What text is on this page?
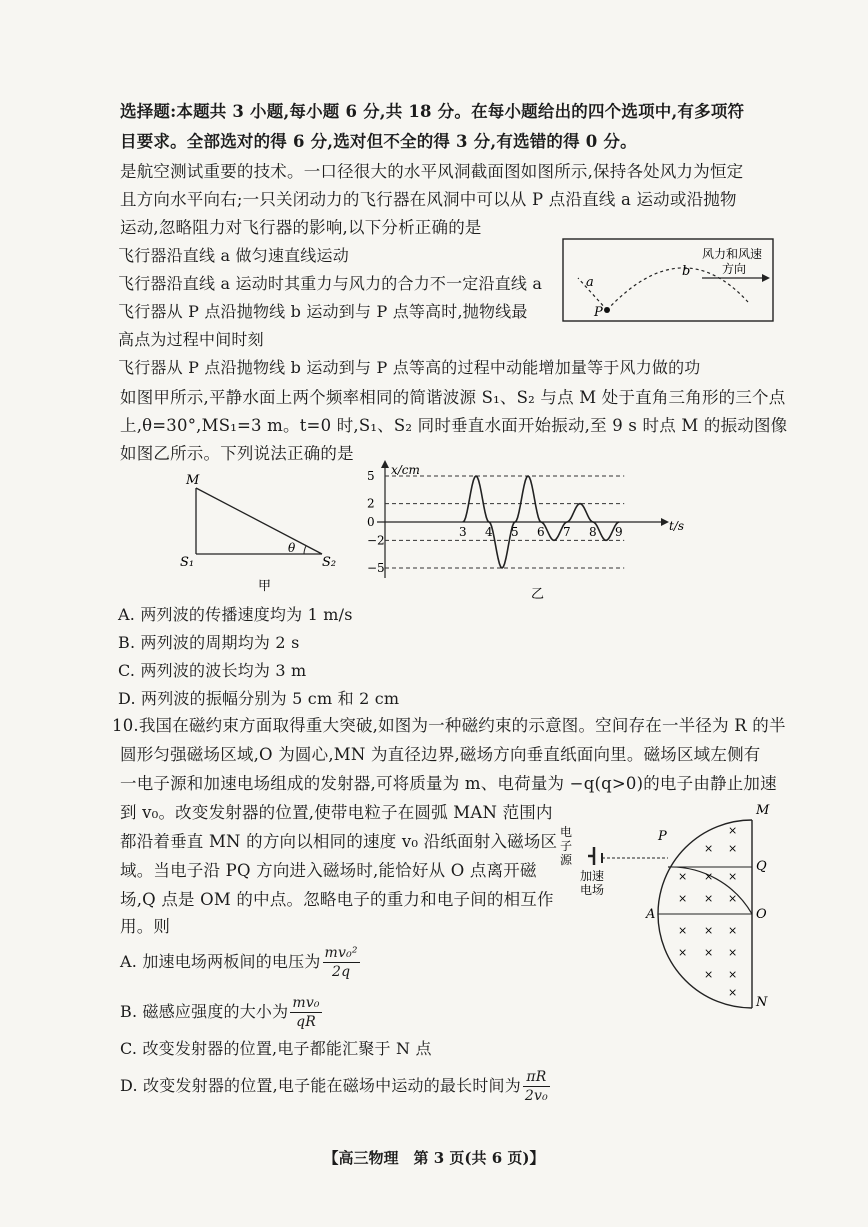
选择题:本题共 3 小题,每小题 6 分,共 18 分。在每小题给出的四个选项中,有多项符
目要求。全部选对的得 6 分,选对但不全的得 3 分,有选错的得 0 分。
是航空测试重要的技术。一口径很大的水平风洞截面图如图所示,保持各处风力为恒定
且方向水平向右;一只关闭动力的飞行器在风洞中可以从 P 点沿直线 a 运动或沿抛物
运动,忽略阻力对飞行器的影响,以下分析正确的是
飞行器沿直线 a 做匀速直线运动
飞行器沿直线 a 运动时其重力与风力的合力不一定沿直线 a
飞行器从 P 点沿抛物线 b 运动到与 P 点等高时,抛物线最
高点为过程中间时刻
飞行器从 P 点沿抛物线 b 运动到与 P 点等高的过程中动能增加量等于风力做的功
风力和风速
方向
a
b
P
如图甲所示,平静水面上两个频率相同的简谐波源 S₁、S₂ 与点 M 处于直角三角形的三个点
上,θ=30°,MS₁=3 m。t=0 时,S₁、S₂ 同时垂直水面开始振动,至 9 s 时点 M 的振动图像
如图乙所示。下列说法正确的是
M
S₁	S₂
θ
甲
x/cm
t/s
5
2
0
−2
−5
3 4 5 6 7 8 9
乙
A. 两列波的传播速度均为 1 m/s
B. 两列波的周期均为 2 s
C. 两列波的波长均为 3 m
D. 两列波的振幅分别为 5 cm 和 2 cm
10.我国在磁约束方面取得重大突破,如图为一种磁约束的示意图。空间存在一半径为 R 的半
圆形匀强磁场区域,O 为圆心,MN 为直径边界,磁场方向垂直纸面向里。磁场区域左侧有
一电子源和加速电场组成的发射器,可将质量为 m、电荷量为 −q(q>0)的电子由静止加速
到 v₀。改变发射器的位置,使带电粒子在圆弧 MAN 范围内
都沿着垂直 MN 的方向以相同的速度 v₀ 沿纸面射入磁场区
域。当电子沿 PQ 方向进入磁场时,能恰好从 O 点离开磁
场,Q 点是 OM 的中点。忽略电子的重力和电子间的相互作
用。则
A. 加速电场两板间的电压为 $\frac{\text{mv₀²}}{2q}$
B. 磁感应强度的大小为 $\frac{\text{mv₀}}{qR}$
C. 改变发射器的位置,电子都能汇聚于 N 点
D. 改变发射器的位置,电子能在磁场中运动的最长时间为 $\frac{\pi R}{\text{2v₀}}$
电
子
源
加速
电场
M
Q
O
N
A
P	×
× ×
× × ×
× × ×
× × ×
× × ×
× ×
×
【高三物理　第 3 页(共 6 页)】
